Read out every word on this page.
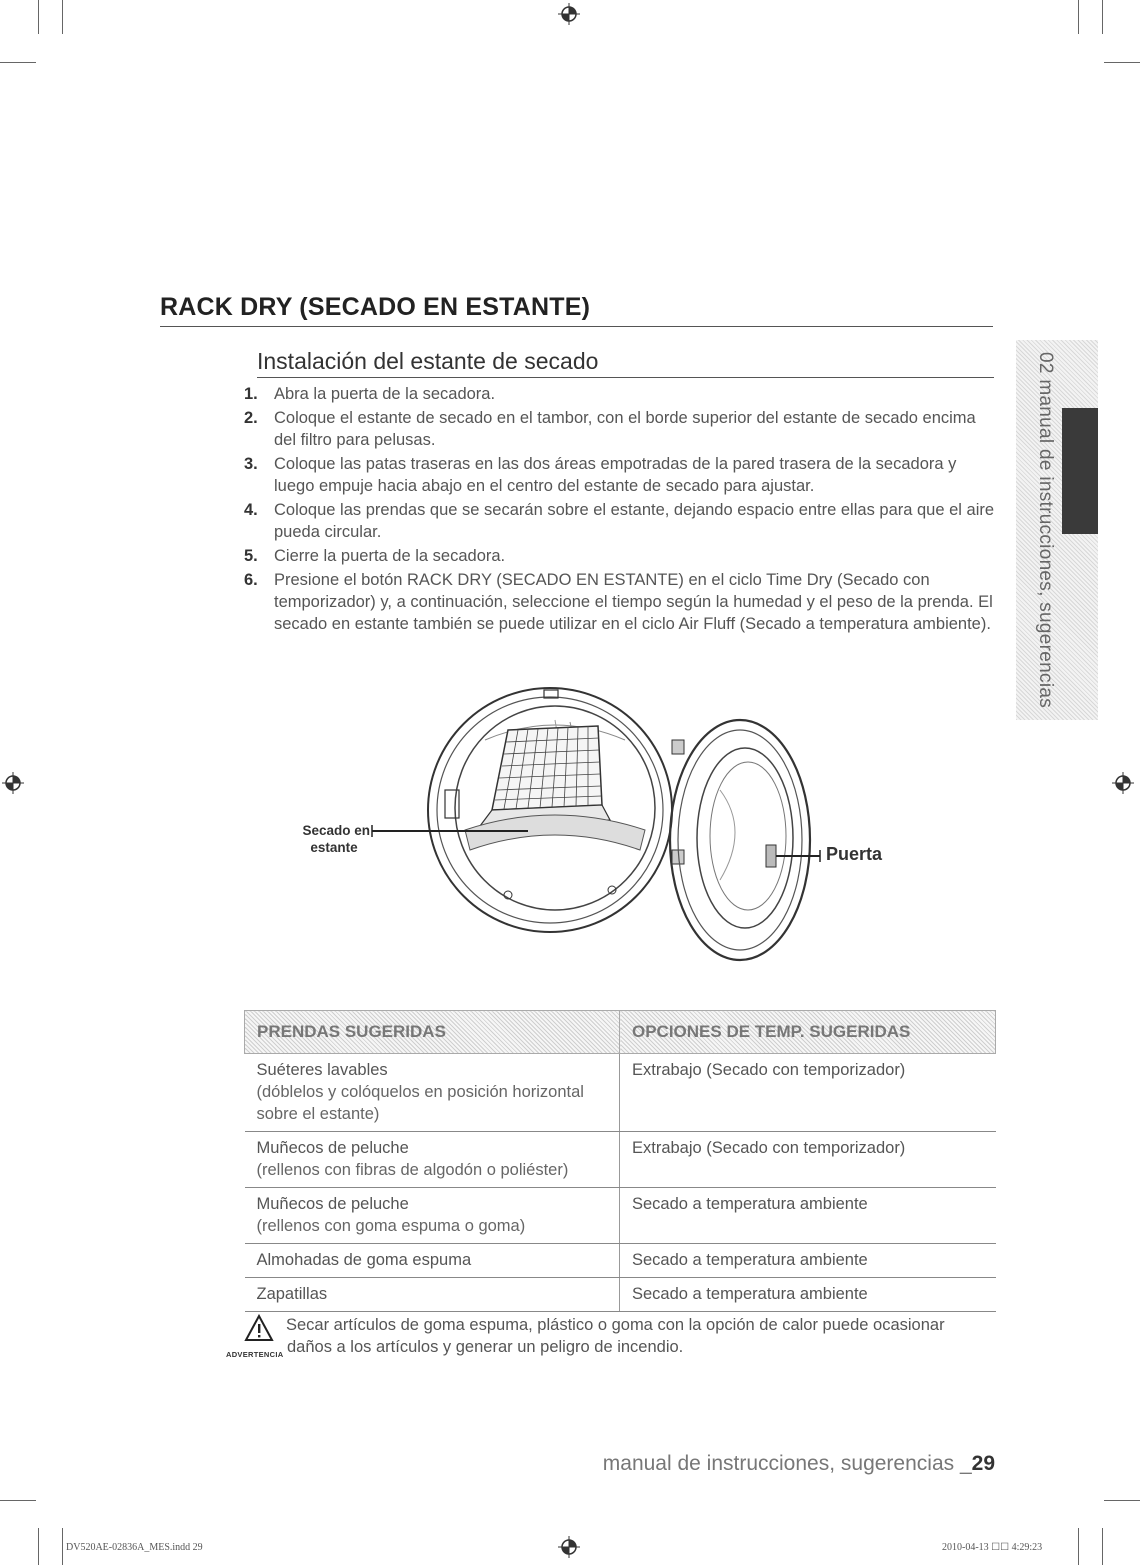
RACK DRY (SECADO EN ESTANTE)
Instalación del estante de secado
1. Abra la puerta de la secadora.
2. Coloque el estante de secado en el tambor, con el borde superior del estante de secado encima del filtro para pelusas.
3. Coloque las patas traseras en las dos áreas empotradas de la pared trasera de la secadora y luego empuje hacia abajo en el centro del estante de secado para ajustar.
4. Coloque las prendas que se secarán sobre el estante, dejando espacio entre ellas para que el aire pueda circular.
5. Cierre la puerta de la secadora.
6. Presione el botón RACK DRY (SECADO EN ESTANTE) en el ciclo Time Dry (Secado con temporizador) y, a continuación, seleccione el tiempo según la humedad y el peso de la prenda. El secado en estante también se puede utilizar en el ciclo Air Fluff (Secado a temperatura ambiente). 02 manual de instrucciones, sugerencias
Secado en
estante	Puerta
PRENDAS SUGERIDAS	OPCIONES DE TEMP. SUGERIDAS

Suéteres lavables
(dóblelos y colóquelos en posición horizontal sobre el estante)	Extrabajo (Secado con temporizador)

Muñecos de peluche
(rellenos con fibras de algodón o poliéster)	Extrabajo (Secado con temporizador)

Muñecos de peluche
(rellenos con goma espuma o goma)	Secado a temperatura ambiente

Almohadas de goma espuma	Secado a temperatura ambiente

Zapatillas	Secado a temperatura ambiente
ADVERTENCIA
Secar artículos de goma espuma, plástico o goma con la opción de calor puede ocasionar
daños a los artículos y generar un peligro de incendio.
manual de instrucciones, sugerencias _29
DV520AE-02836A_MES.indd 29	2010-04-13 ☐☐ 4:29:23
